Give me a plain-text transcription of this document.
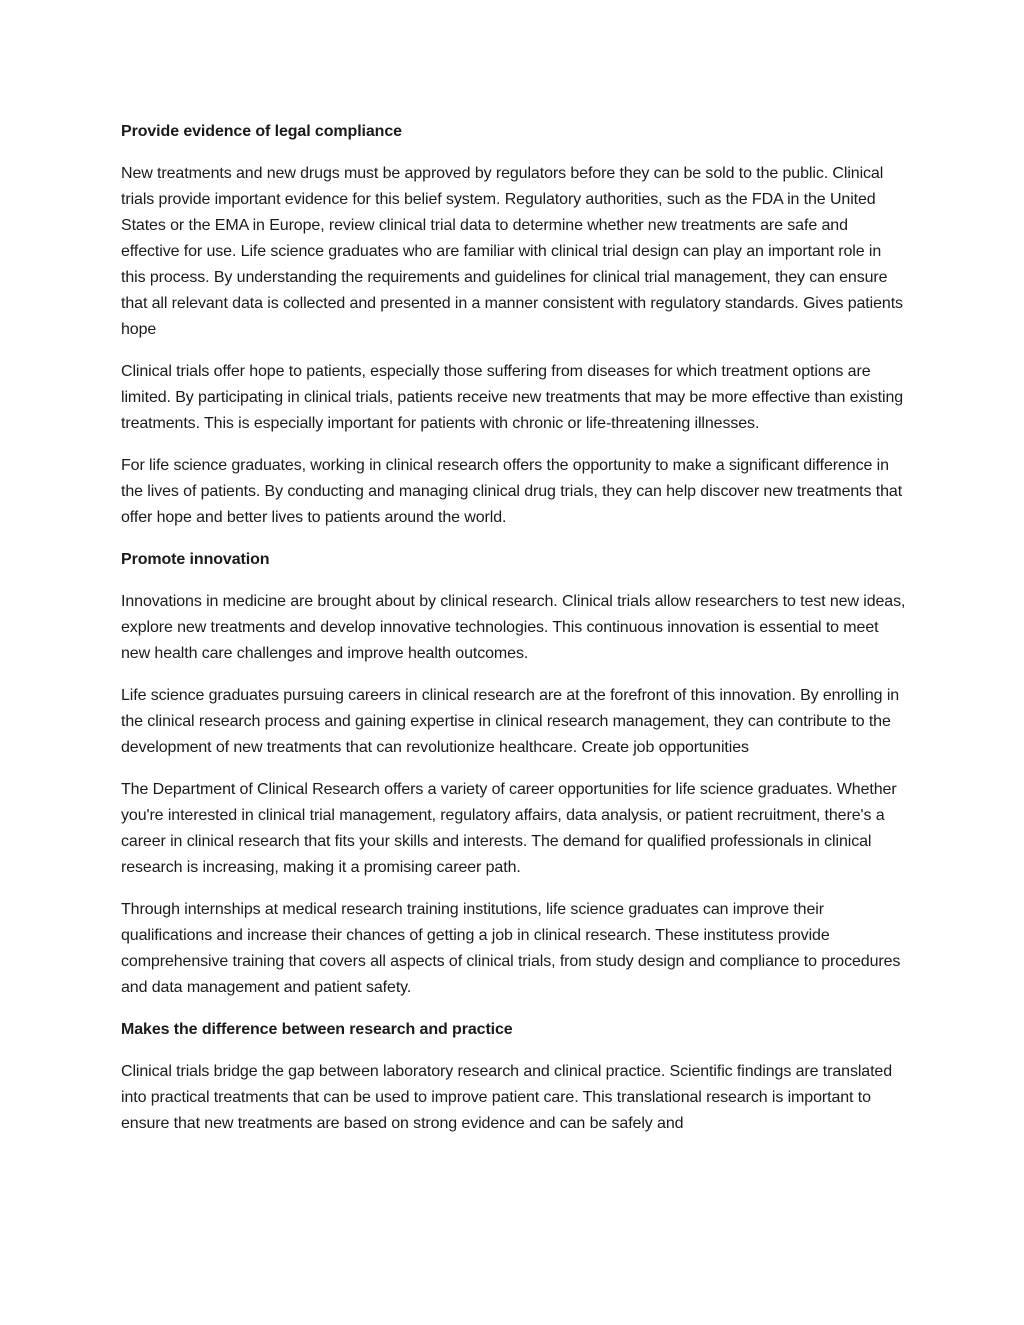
Provide evidence of legal compliance

New treatments and new drugs must be approved by regulators before they can be sold to the public. Clinical trials provide important evidence for this belief system. Regulatory authorities, such as the FDA in the United States or the EMA in Europe, review clinical trial data to determine whether new treatments are safe and effective for use. Life science graduates who are familiar with clinical trial design can play an important role in this process. By understanding the requirements and guidelines for clinical trial management, they can ensure that all relevant data is collected and presented in a manner consistent with regulatory standards. Gives patients hope

Clinical trials offer hope to patients, especially those suffering from diseases for which treatment options are limited. By participating in clinical trials, patients receive new treatments that may be more effective than existing treatments. This is especially important for patients with chronic or life-threatening illnesses.

For life science graduates, working in clinical research offers the opportunity to make a significant difference in the lives of patients. By conducting and managing clinical drug trials, they can help discover new treatments that offer hope and better lives to patients around the world.

Promote innovation

Innovations in medicine are brought about by clinical research. Clinical trials allow researchers to test new ideas, explore new treatments and develop innovative technologies. This continuous innovation is essential to meet new health care challenges and improve health outcomes.

Life science graduates pursuing careers in clinical research are at the forefront of this innovation. By enrolling in the clinical research process and gaining expertise in clinical research management, they can contribute to the development of new treatments that can revolutionize healthcare. Create job opportunities

The Department of Clinical Research offers a variety of career opportunities for life science graduates. Whether you're interested in clinical trial management, regulatory affairs, data analysis, or patient recruitment, there's a career in clinical research that fits your skills and interests. The demand for qualified professionals in clinical research is increasing, making it a promising career path.

Through internships at medical research training institutions, life science graduates can improve their qualifications and increase their chances of getting a job in clinical research. These institutess provide comprehensive training that covers all aspects of clinical trials, from study design and compliance to procedures and data management and patient safety.

Makes the difference between research and practice

Clinical trials bridge the gap between laboratory research and clinical practice. Scientific findings are translated into practical treatments that can be used to improve patient care. This translational research is important to ensure that new treatments are based on strong evidence and can be safely and
